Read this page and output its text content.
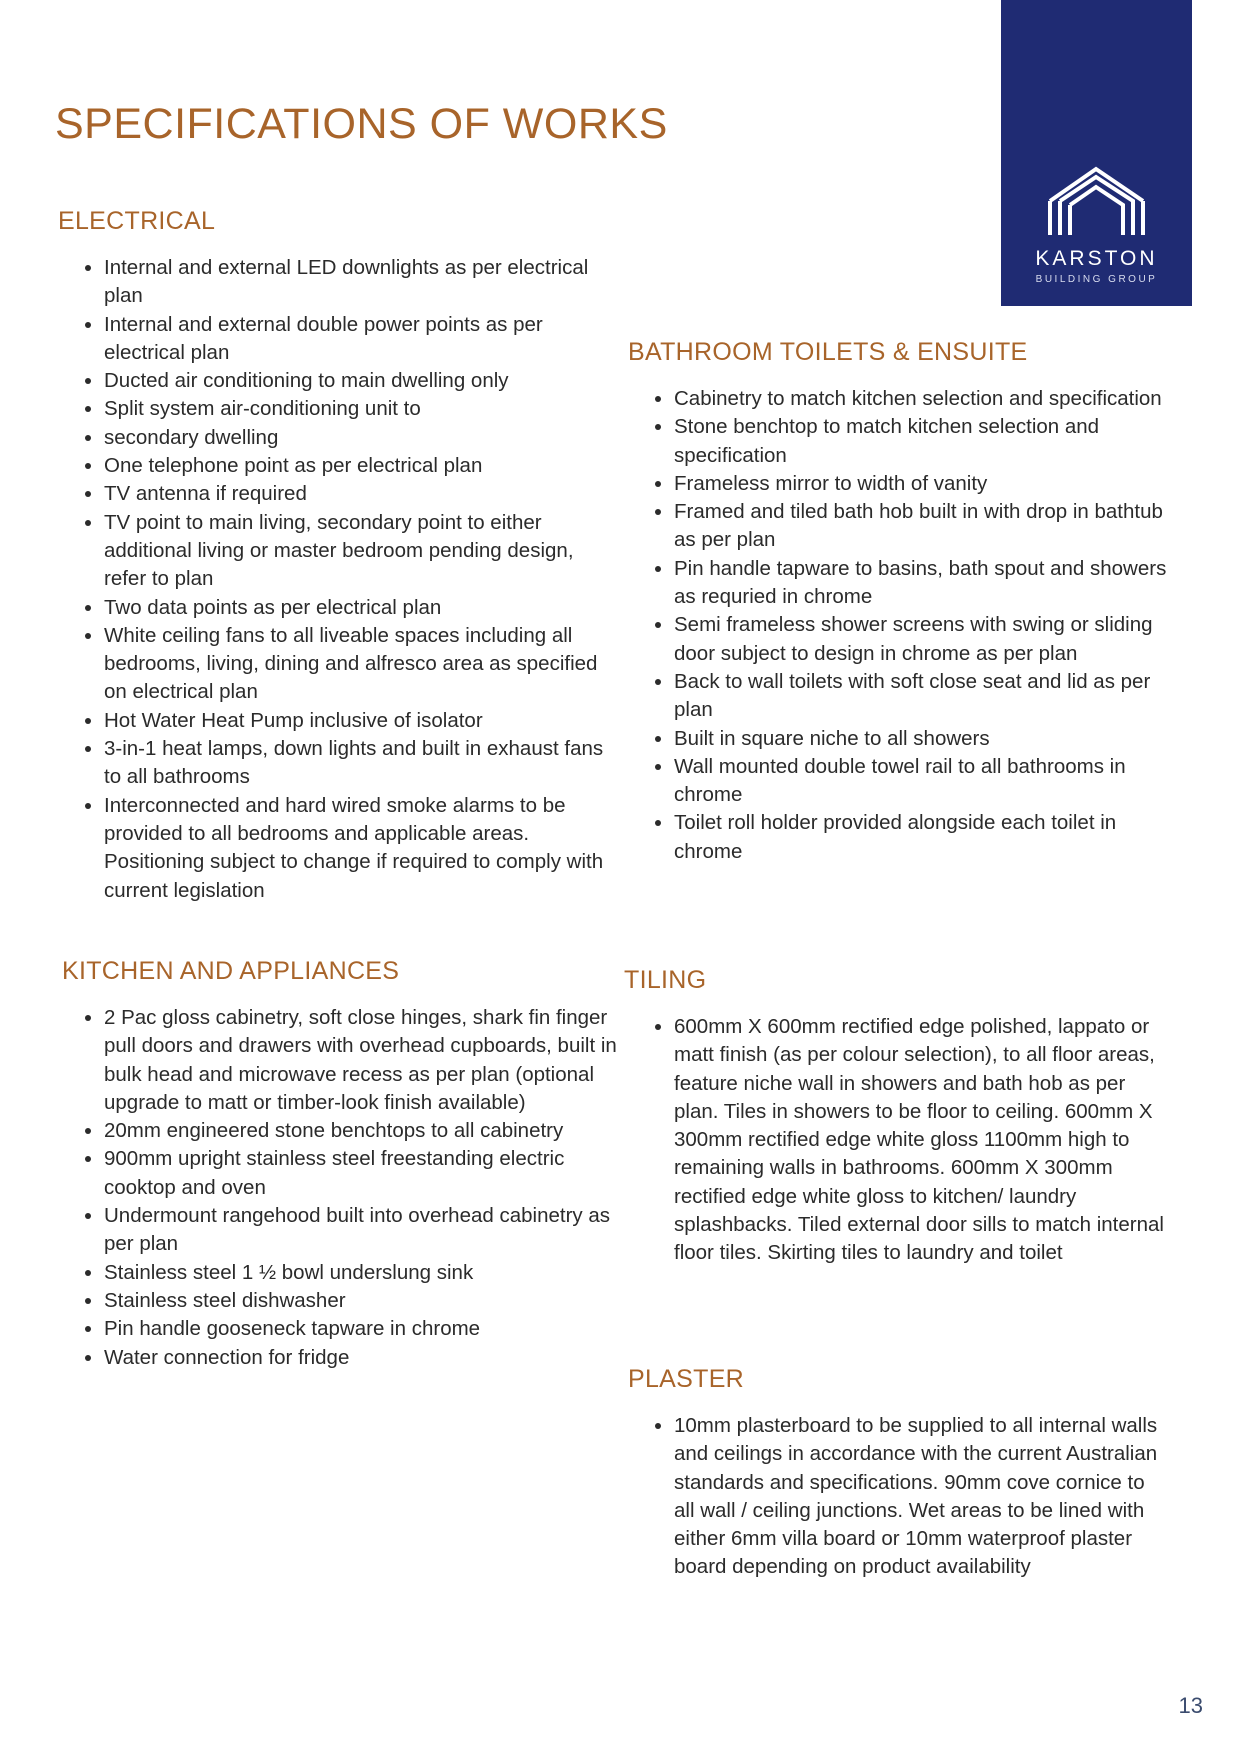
SPECIFICATIONS OF WORKS
KARSTON
BUILDING GROUP
ELECTRICAL
• Internal and external LED downlights as per electrical plan
• Internal and external double power points as per electrical plan
• Ducted air conditioning to main dwelling only
• Split system air-conditioning unit to
• secondary dwelling
• One telephone point as per electrical plan
• TV antenna if required
• TV point to main living, secondary point to either additional living or master bedroom pending design, refer to plan
• Two data points as per electrical plan
• White ceiling fans to all liveable spaces including all bedrooms, living, dining and alfresco area as specified on electrical plan
• Hot Water Heat Pump inclusive of isolator
• 3-in-1 heat lamps, down lights and built in exhaust fans to all bathrooms
• Interconnected and hard wired smoke alarms to be provided to all bedrooms and applicable areas. Positioning subject to change if required to comply with current legislation
BATHROOM TOILETS & ENSUITE
• Cabinetry to match kitchen selection and specification
• Stone benchtop to match kitchen selection and specification
• Frameless mirror to width of vanity
• Framed and tiled bath hob built in with drop in bathtub as per plan
• Pin handle tapware to basins, bath spout and showers as requried in chrome
• Semi frameless shower screens with swing or sliding door subject to design in chrome as per plan
• Back to wall toilets with soft close seat and lid as per plan
• Built in square niche to all showers
• Wall mounted double towel rail to all bathrooms in chrome
• Toilet roll holder provided alongside each toilet in chrome
KITCHEN AND APPLIANCES
• 2 Pac gloss cabinetry, soft close hinges, shark fin finger pull doors and drawers with overhead cupboards, built in bulk head and microwave recess as per plan (optional upgrade to matt or timber-look finish available)
• 20mm engineered stone benchtops to all cabinetry
• 900mm upright stainless steel freestanding electric cooktop and oven
• Undermount rangehood built into overhead cabinetry as per plan
• Stainless steel 1 ½ bowl underslung sink
• Stainless steel dishwasher
• Pin handle gooseneck tapware in chrome
• Water connection for fridge
TILING
• 600mm X 600mm rectified edge polished, lappato or matt finish (as per colour selection), to all floor areas, feature niche wall in showers and bath hob as per plan. Tiles in showers to be floor to ceiling. 600mm X 300mm rectified edge white gloss 1100mm high to remaining walls in bathrooms. 600mm X 300mm rectified edge white gloss to kitchen/ laundry splashbacks. Tiled external door sills to match internal floor tiles. Skirting tiles to laundry and toilet
PLASTER
• 10mm plasterboard to be supplied to all internal walls and ceilings in accordance with the current Australian standards and specifications. 90mm cove cornice to all wall / ceiling junctions. Wet areas to be lined with either 6mm villa board or 10mm waterproof plaster board depending on product availability
13
